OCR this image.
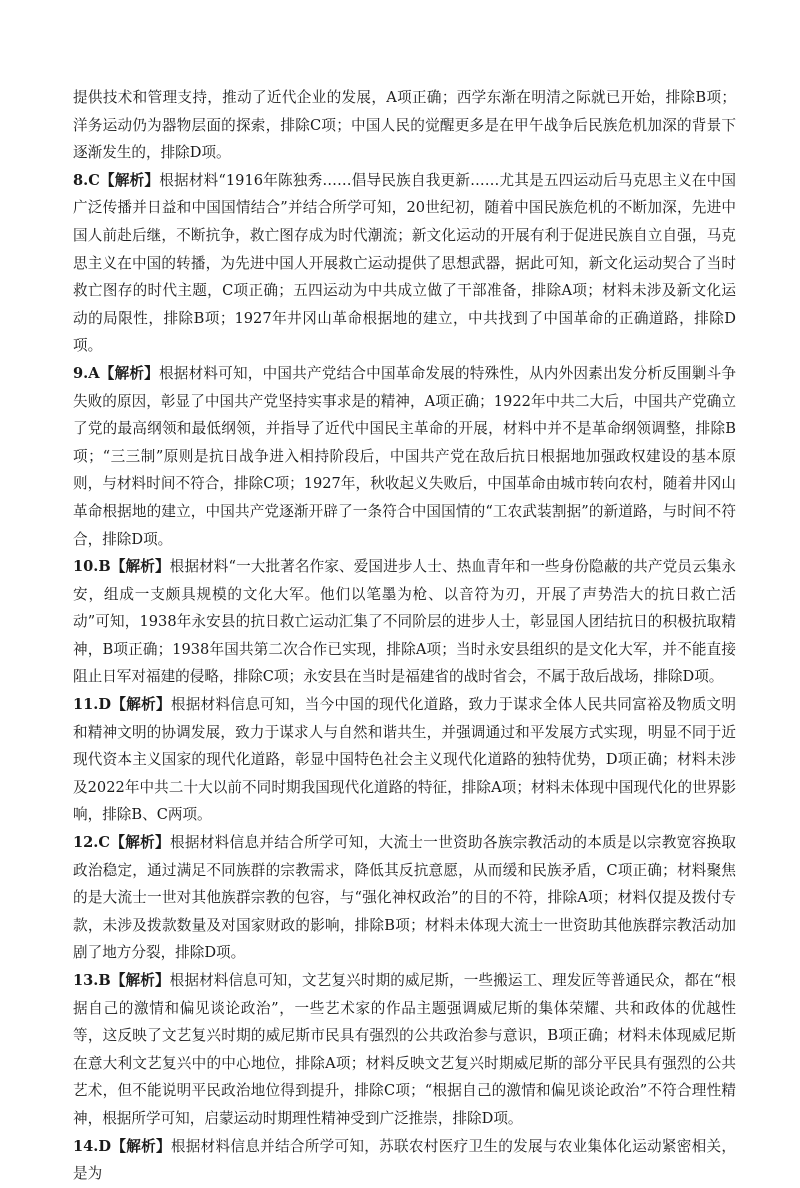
提供技术和管理支持，推动了近代企业的发展，A项正确；西学东渐在明清之际就已开始，排除B项；洋务运动仍为器物层面的探索，排除C项；中国人民的觉醒更多是在甲午战争后民族危机加深的背景下逐渐发生的，排除D项。

8.C【解析】根据材料“1916年陈独秀……倡导民族自我更新……尤其是五四运动后马克思主义在中国广泛传播并日益和中国国情结合”并结合所学可知，20世纪初，随着中国民族危机的不断加深，先进中国人前赴后继，不断抗争，救亡图存成为时代潮流；新文化运动的开展有利于促进民族自立自强，马克思主义在中国的转播，为先进中国人开展救亡运动提供了思想武器，据此可知，新文化运动契合了当时救亡图存的时代主题，C项正确；五四运动为中共成立做了干部准备，排除A项；材料未涉及新文化运动的局限性，排除B项；1927年井冈山革命根据地的建立，中共找到了中国革命的正确道路，排除D项。

9.A【解析】根据材料可知，中国共产党结合中国革命发展的特殊性，从内外因素出发分析反围剿斗争失败的原因，彰显了中国共产党坚持实事求是的精神，A项正确；1922年中共二大后，中国共产党确立了党的最高纲领和最低纲领，并指导了近代中国民主革命的开展，材料中并不是革命纲领调整，排除B项；“三三制”原则是抗日战争进入相持阶段后，中国共产党在敌后抗日根据地加强政权建设的基本原则，与材料时间不符合，排除C项；1927年，秋收起义失败后，中国革命由城市转向农村，随着井冈山革命根据地的建立，中国共产党逐渐开辟了一条符合中国国情的“工农武装割据”的新道路，与时间不符合，排除D项。

10.B【解析】根据材料“一大批著名作家、爱国进步人士、热血青年和一些身份隐蔽的共产党员云集永安，组成一支颇具规模的文化大军。他们以笔墨为枪、以音符为刃，开展了声势浩大的抗日救亡活动”可知，1938年永安县的抗日救亡运动汇集了不同阶层的进步人士，彰显国人团结抗日的积极抗取精神，B项正确；1938年国共第二次合作已实现，排除A项；当时永安县组织的是文化大军，并不能直接阻止日军对福建的侵略，排除C项；永安县在当时是福建省的战时省会，不属于敌后战场，排除D项。

11.D【解析】根据材料信息可知，当今中国的现代化道路，致力于谋求全体人民共同富裕及物质文明和精神文明的协调发展，致力于谋求人与自然和谐共生，并强调通过和平发展方式实现，明显不同于近现代资本主义国家的现代化道路，彰显中国特色社会主义现代化道路的独特优势，D项正确；材料未涉及2022年中共二十大以前不同时期我国现代化道路的特征，排除A项；材料未体现中国现代化的世界影响，排除B、C两项。

12.C【解析】根据材料信息并结合所学可知，大流士一世资助各族宗教活动的本质是以宗教宽容换取政治稳定，通过满足不同族群的宗教需求，降低其反抗意愿，从而缓和民族矛盾，C项正确；材料聚焦的是大流士一世对其他族群宗教的包容，与“强化神权政治”的目的不符，排除A项；材料仅提及拨付专款，未涉及拨款数量及对国家财政的影响，排除B项；材料未体现大流士一世资助其他族群宗教活动加剧了地方分裂，排除D项。

13.B【解析】根据材料信息可知，文艺复兴时期的威尼斯，一些搬运工、理发匠等普通民众，都在“根据自己的激情和偏见谈论政治”，一些艺术家的作品主题强调威尼斯的集体荣耀、共和政体的优越性等，这反映了文艺复兴时期的威尼斯市民具有强烈的公共政治参与意识，B项正确；材料未体现威尼斯在意大利文艺复兴中的中心地位，排除A项；材料反映文艺复兴时期威尼斯的部分平民具有强烈的公共艺术，但不能说明平民政治地位得到提升，排除C项；“根据自己的激情和偏见谈论政治”不符合理性精神，根据所学可知，启蒙运动时期理性精神受到广泛推崇，排除D项。

14.D【解析】根据材料信息并结合所学可知，苏联农村医疗卫生的发展与农业集体化运动紧密相关，是为
